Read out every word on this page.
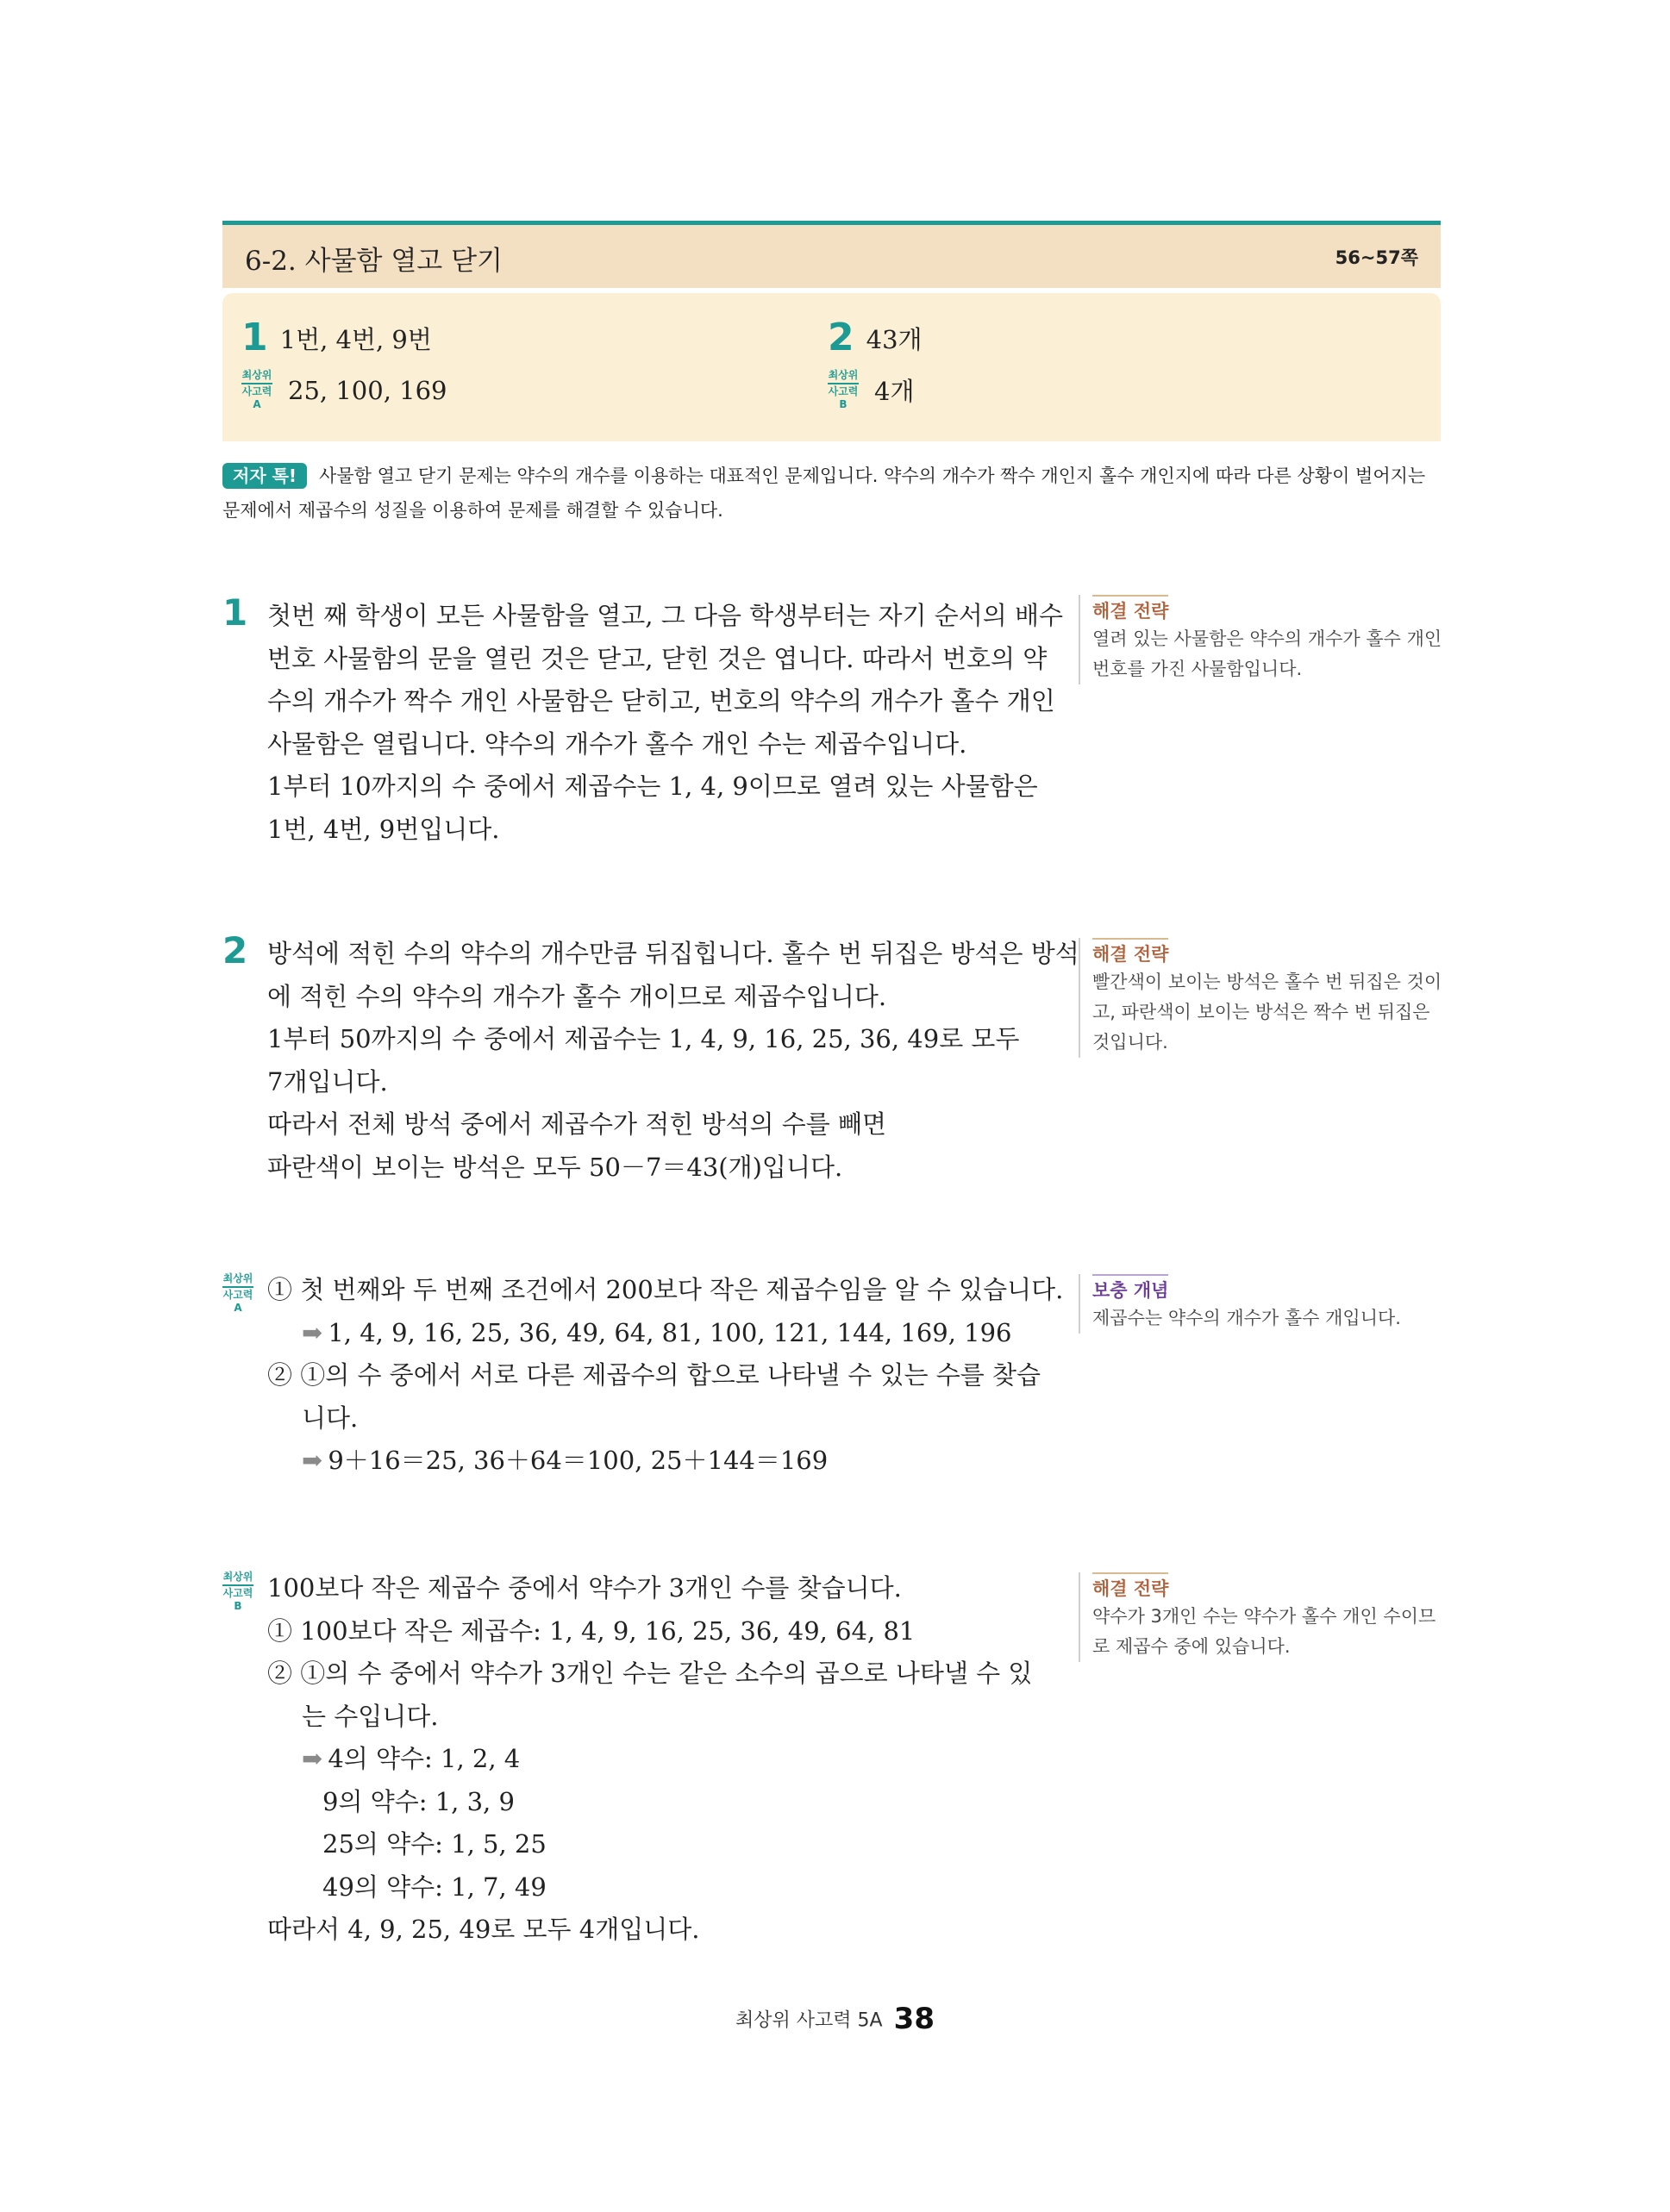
6-2. 사물함 열고 닫기	56~57쪽
1 1번, 4번, 9번	2 43개
최상위
사고력
A 25, 100, 169
최상위
사고력
B 4개
저자 톡! 사물함 열고 닫기 문제는 약수의 개수를 이용하는 대표적인 문제입니다. 약수의 개수가 짝수 개인지 홀수 개인지에 따라 다른 상황이 벌어지는 문제에서 제곱수의 성질을 이용하여 문제를 해결할 수 있습니다.
1 첫번 째 학생이 모든 사물함을 열고, 그 다음 학생부터는 자기 순서의 배수

번호 사물함의 문을 열린 것은 닫고, 닫힌 것은 엽니다. 따라서 번호의 약

수의 개수가 짝수 개인 사물함은 닫히고, 번호의 약수의 개수가 홀수 개인

사물함은 열립니다. 약수의 개수가 홀수 개인 수는 제곱수입니다.

1부터 10까지의 수 중에서 제곱수는 1, 4, 9이므로 열려 있는 사물함은

1번, 4번, 9번입니다.

해결 전략
열려 있는 사물함은 약수의 개수가 홀수 개인 번호를 가진 사물함입니다.
2 방석에 적힌 수의 약수의 개수만큼 뒤집힙니다. 홀수 번 뒤집은 방석은 방석

에 적힌 수의 약수의 개수가 홀수 개이므로 제곱수입니다.

1부터 50까지의 수 중에서 제곱수는 1, 4, 9, 16, 25, 36, 49로 모두

7개입니다.

따라서 전체 방석 중에서 제곱수가 적힌 방석의 수를 빼면

파란색이 보이는 방석은 모두 50－7＝43(개)입니다.

해결 전략
빨간색이 보이는 방석은 홀수 번 뒤집은 것이고, 파란색이 보이는 방석은 짝수 번 뒤집은 것입니다.
최상위
사고력
A

① 첫 번째와 두 번째 조건에서 200보다 작은 제곱수임을 알 수 있습니다.

➡ 1, 4, 9, 16, 25, 36, 49, 64, 81, 100, 121, 144, 169, 196

② ①의 수 중에서 서로 다른 제곱수의 합으로 나타낼 수 있는 수를 찾습

니다.

➡ 9＋16＝25, 36＋64＝100, 25＋144＝169

보충 개념
제곱수는 약수의 개수가 홀수 개입니다.
최상위
사고력
B

100보다 작은 제곱수 중에서 약수가 3개인 수를 찾습니다.

① 100보다 작은 제곱수: 1, 4, 9, 16, 25, 36, 49, 64, 81

② ①의 수 중에서 약수가 3개인 수는 같은 소수의 곱으로 나타낼 수 있

는 수입니다.

➡ 4의 약수: 1, 2, 4

9의 약수: 1, 3, 9

25의 약수: 1, 5, 25

49의 약수: 1, 7, 49

따라서 4, 9, 25, 49로 모두 4개입니다.

해결 전략
약수가 3개인 수는 약수가 홀수 개인 수이므로 제곱수 중에 있습니다.
최상위 사고력 5A 38
